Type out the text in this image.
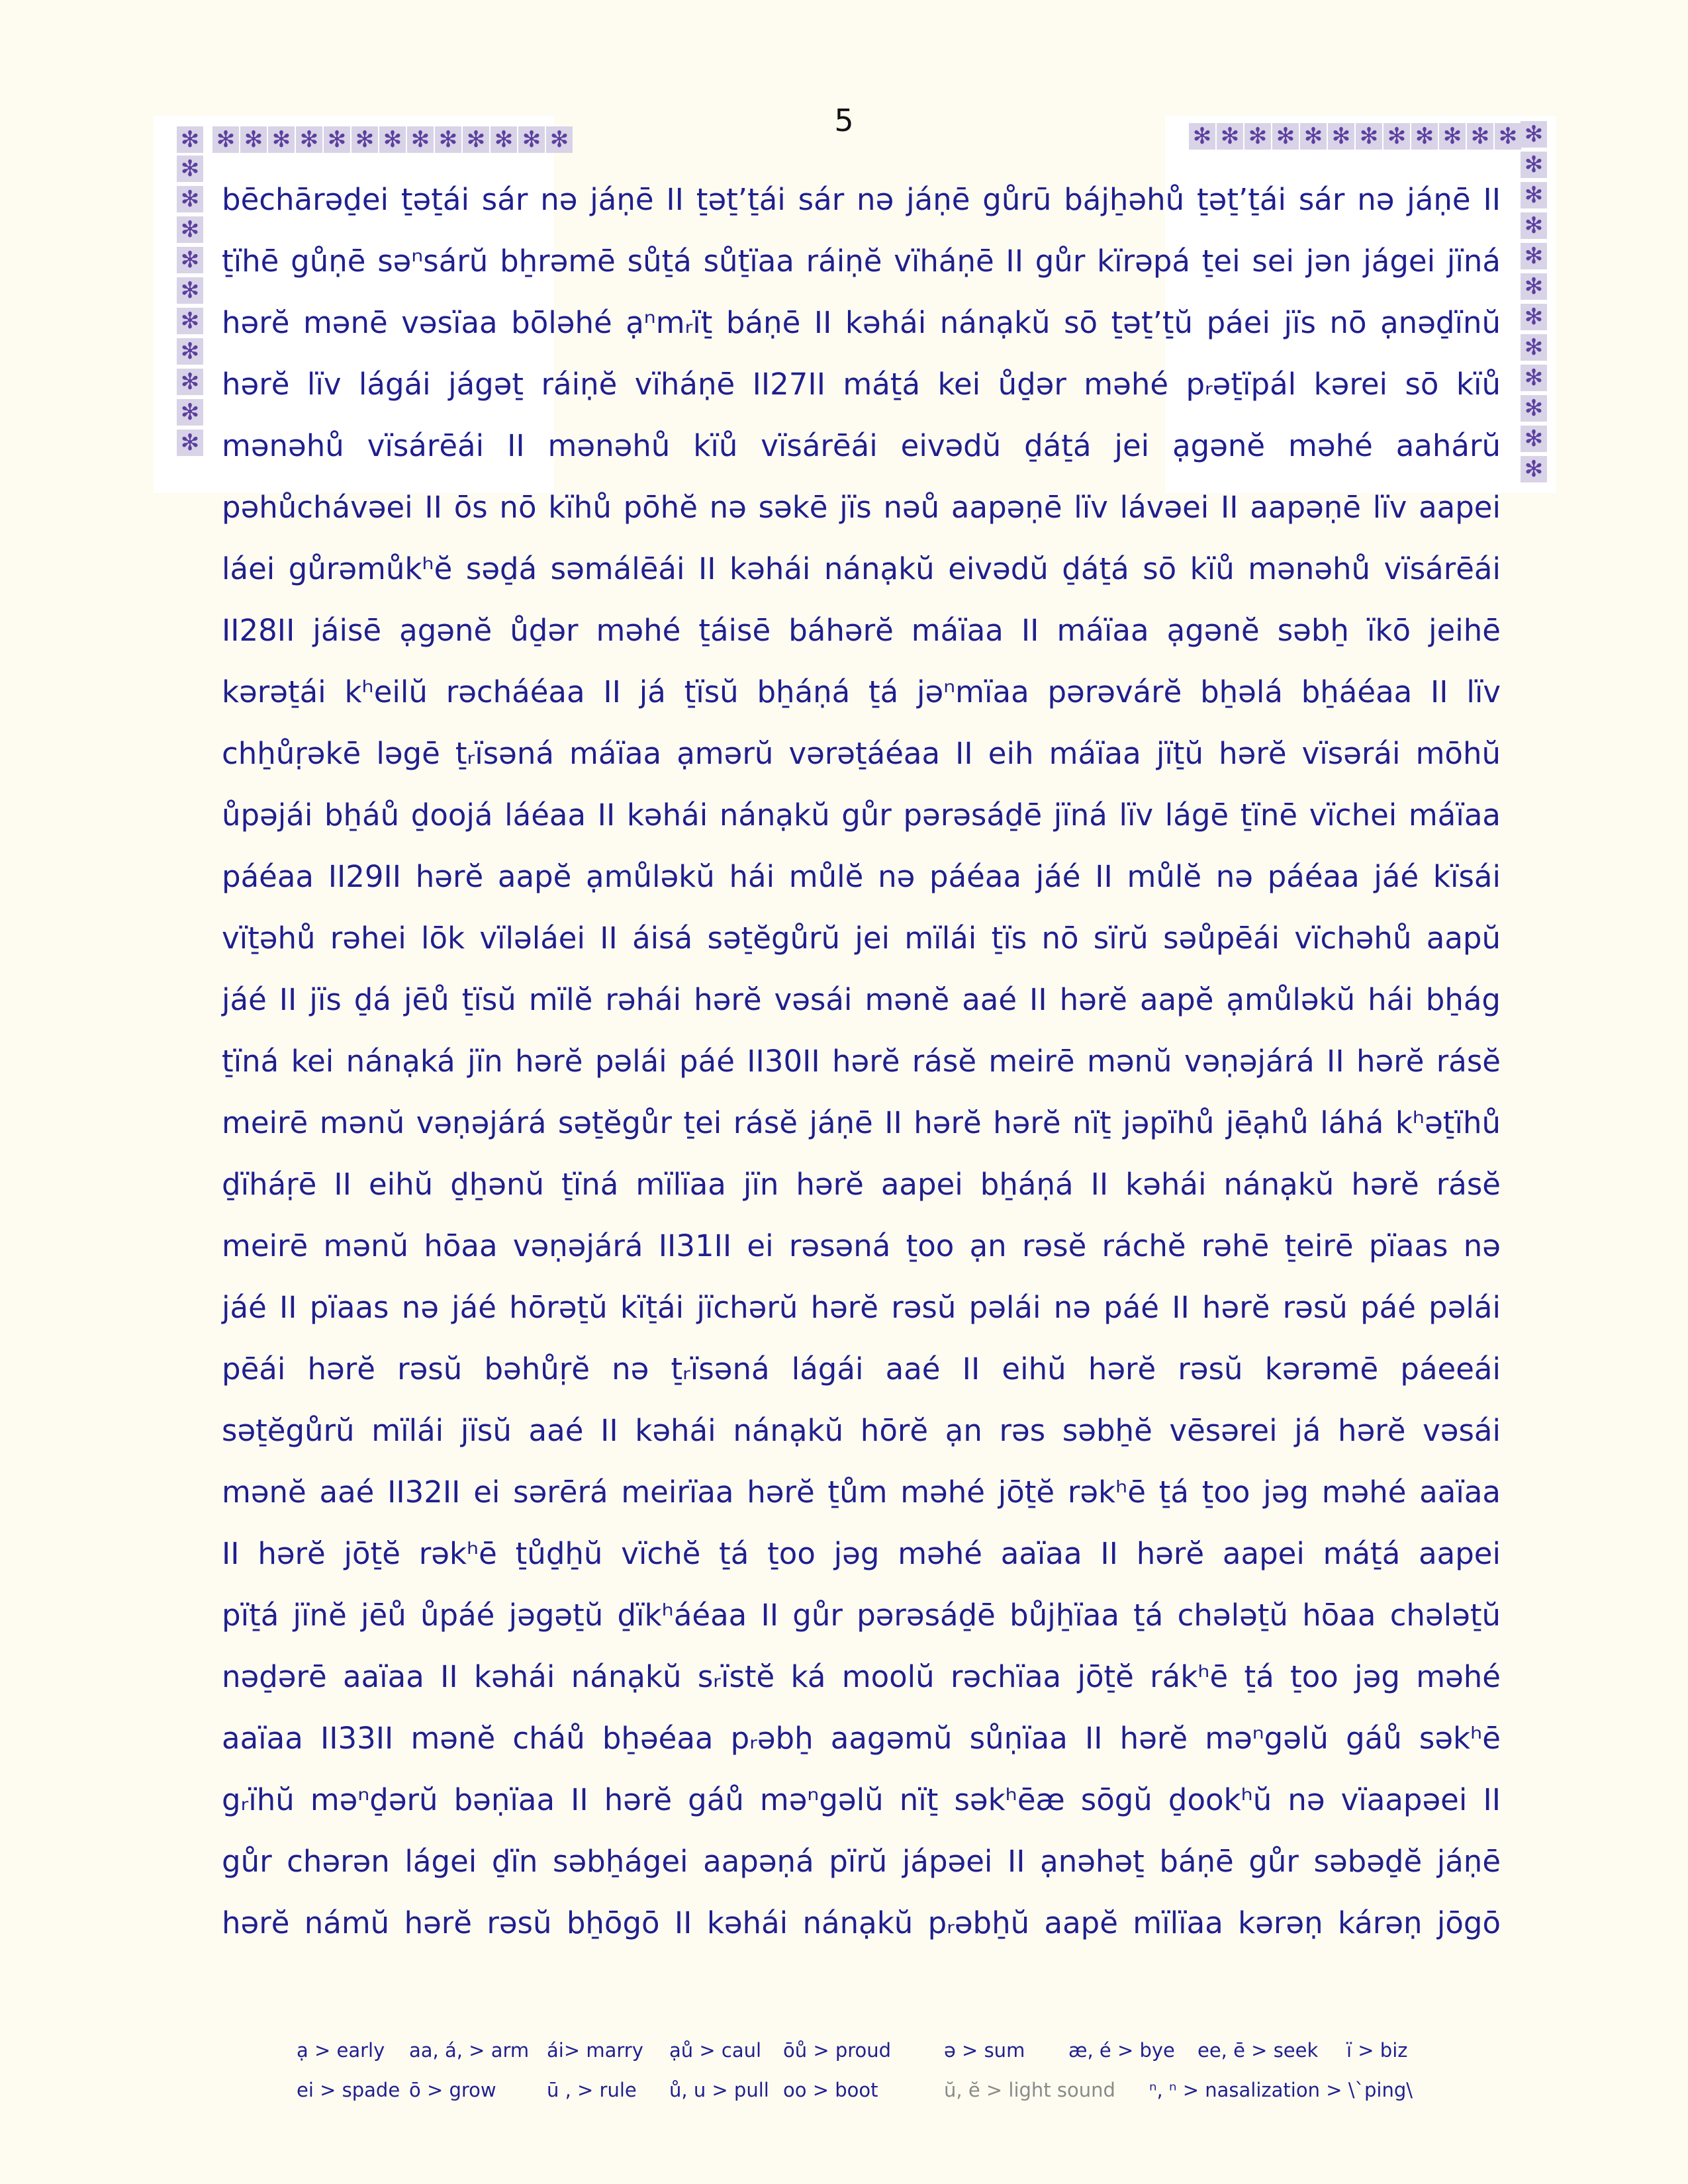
5
✻ ✻ ✻ ✻ ✻ ✻ ✻ ✻ ✻ ✻ ✻ ✻ ✻ ✻
✻
✻
✻
✻
✻
✻
✻
✻
✻
✻
✻ ✻ ✻ ✻ ✻ ✻ ✻ ✻ ✻ ✻ ✻ ✻ ✻
✻
✻
✻
✻
✻
✻
✻
✻
✻
✻
✻
bēchārəd̠ei t̠ət̠ái sár nə jáṇē II t̠ət̠’t̠ái sár nə jáṇē gůrū bájh̠əhů t̠ət̠’t̠ái sár nə jáṇē II
t̠ïhē gůṇē səⁿsárŭ bh̠rəmē sůt̠á sůt̠ïaa ráiṇĕ vïháṇē II gůr kïrəpá t̠ei sei jən jágei jïná
hərĕ mənē vəsïaa bōləhé ạⁿmᵣït̠ báṇē II kəhái nánạkŭ sō t̠ət̠’t̠ŭ páei jïs nō ạnəd̠ïnŭ
hərĕ lïv lágái jágət̠ ráiṇĕ vïháṇē II27II mát̠á kei ůd̠ər məhé pᵣət̠ïpál kərei sō kïů
mənəhů vïsárēái II mənəhů kïů vïsárēái eivədŭ d̠át̠á jei ạgənĕ məhé aahárŭ
pəhůchávəei II ōs nō kïhů pōhĕ nə səkē jïs nəů aapəṇē lïv lávəei II aapəṇē lïv aapei
láei gůrəmůkʰĕ səd̠á səmálēái II kəhái nánạkŭ eivədŭ d̠át̠á sō kïů mənəhů vïsárēái
II28II jáisē ạgənĕ ůd̠ər məhé t̠áisē báhərĕ máïaa II máïaa ạgənĕ səbh̠ ïkō jeihē
kərət̠ái kʰeilŭ rəcháéaa II já t̠ïsŭ bh̠áṇá t̠á jəⁿmïaa pərəvárĕ bh̠əlá bh̠áéaa II lïv
chh̠ůṛəkē ləgē t̠ᵣïsəná máïaa ạmərŭ vərət̠áéaa II eih máïaa jït̠ŭ hərĕ vïsərái mōhŭ
ůpəjái bh̠áů d̠oojá láéaa II kəhái nánạkŭ gůr pərəsád̠ē jïná lïv lágē t̠ïnē vïchei máïaa
páéaa II29II hərĕ aapĕ ạmůləkŭ hái můlĕ nə páéaa jáé II můlĕ nə páéaa jáé kïsái
vït̠əhů rəhei lōk vïləláei II áisá sət̠ĕgůrŭ jei mïlái t̠ïs nō sïrŭ səůpēái vïchəhů aapŭ
jáé II jïs d̠á jēů t̠ïsŭ mïlĕ rəhái hərĕ vəsái mənĕ aaé II hərĕ aapĕ ạmůləkŭ hái bh̠ág
t̠ïná kei nánạká jïn hərĕ pəlái páé II30II hərĕ rásĕ meirē mənŭ vəṇəjárá II hərĕ rásĕ
meirē mənŭ vəṇəjárá sət̠ĕgůr t̠ei rásĕ jáṇē II hərĕ hərĕ nït̠ jəpïhů jēạhů láhá kʰət̠ïhů
d̠ïháṛē II eihŭ d̠h̠ənŭ t̠ïná mïlïaa jïn hərĕ aapei bh̠áṇá II kəhái nánạkŭ hərĕ rásĕ
meirē mənŭ hōaa vəṇəjárá II31II ei rəsəná t̠oo ạn rəsĕ ráchĕ rəhē t̠eirē pïaas nə
jáé II pïaas nə jáé hōrət̠ŭ kït̠ái jïchərŭ hərĕ rəsŭ pəlái nə páé II hərĕ rəsŭ páé pəlái
pēái hərĕ rəsŭ bəhůṛĕ nə t̠ᵣïsəná lágái aaé II eihŭ hərĕ rəsŭ kərəmē páeeái
sət̠ĕgůrŭ mïlái jïsŭ aaé II kəhái nánạkŭ hōrĕ ạn rəs səbh̠ĕ vēsərei já hərĕ vəsái
mənĕ aaé II32II ei sərērá meirïaa hərĕ t̠ům məhé jōt̠ĕ rəkʰē t̠á t̠oo jəg məhé aaïaa
II hərĕ jōt̠ĕ rəkʰē t̠ůd̠h̠ŭ vïchĕ t̠á t̠oo jəg məhé aaïaa II hərĕ aapei mát̠á aapei
pït̠á jïnĕ jēů ůpáé jəgət̠ŭ d̠ïkʰáéaa II gůr pərəsád̠ē bůjh̠ïaa t̠á chələt̠ŭ hōaa chələt̠ŭ
nəd̠ərē aaïaa II kəhái nánạkŭ sᵣïstĕ ká moolŭ rəchïaa jōt̠ĕ rákʰē t̠á t̠oo jəg məhé
aaïaa II33II mənĕ cháů bh̠əéaa pᵣəbh̠ aagəmŭ sůṇïaa II hərĕ məⁿgəlŭ gáů səkʰē
gᵣïhŭ məⁿd̠ərŭ bəṇïaa II hərĕ gáů məⁿgəlŭ nït̠ səkʰēæ sōgŭ d̠ookʰŭ nə vïaapəei II
gůr chərən lágei d̠ïn səbh̠ágei aapəṇá pïrŭ jápəei II ạnəhət̠ báṇē gůr səbəd̠ĕ jáṇē
hərĕ námŭ hərĕ rəsŭ bh̠ōgō II kəhái nánạkŭ pᵣəbh̠ŭ aapĕ mïlïaa kərəṇ kárəṇ jōgō
ạ > early	aa, á, > arm ái> marry	ạů > caul	ōů > proud	ə > sum	æ, é > bye	ee, ē > seek	ï > biz
ei > spade ō > grow	ū , > rule	ů, u > pull oo > boot	ŭ, ĕ > light sound	ⁿ, ⁿ > nasalization > \`ping\
